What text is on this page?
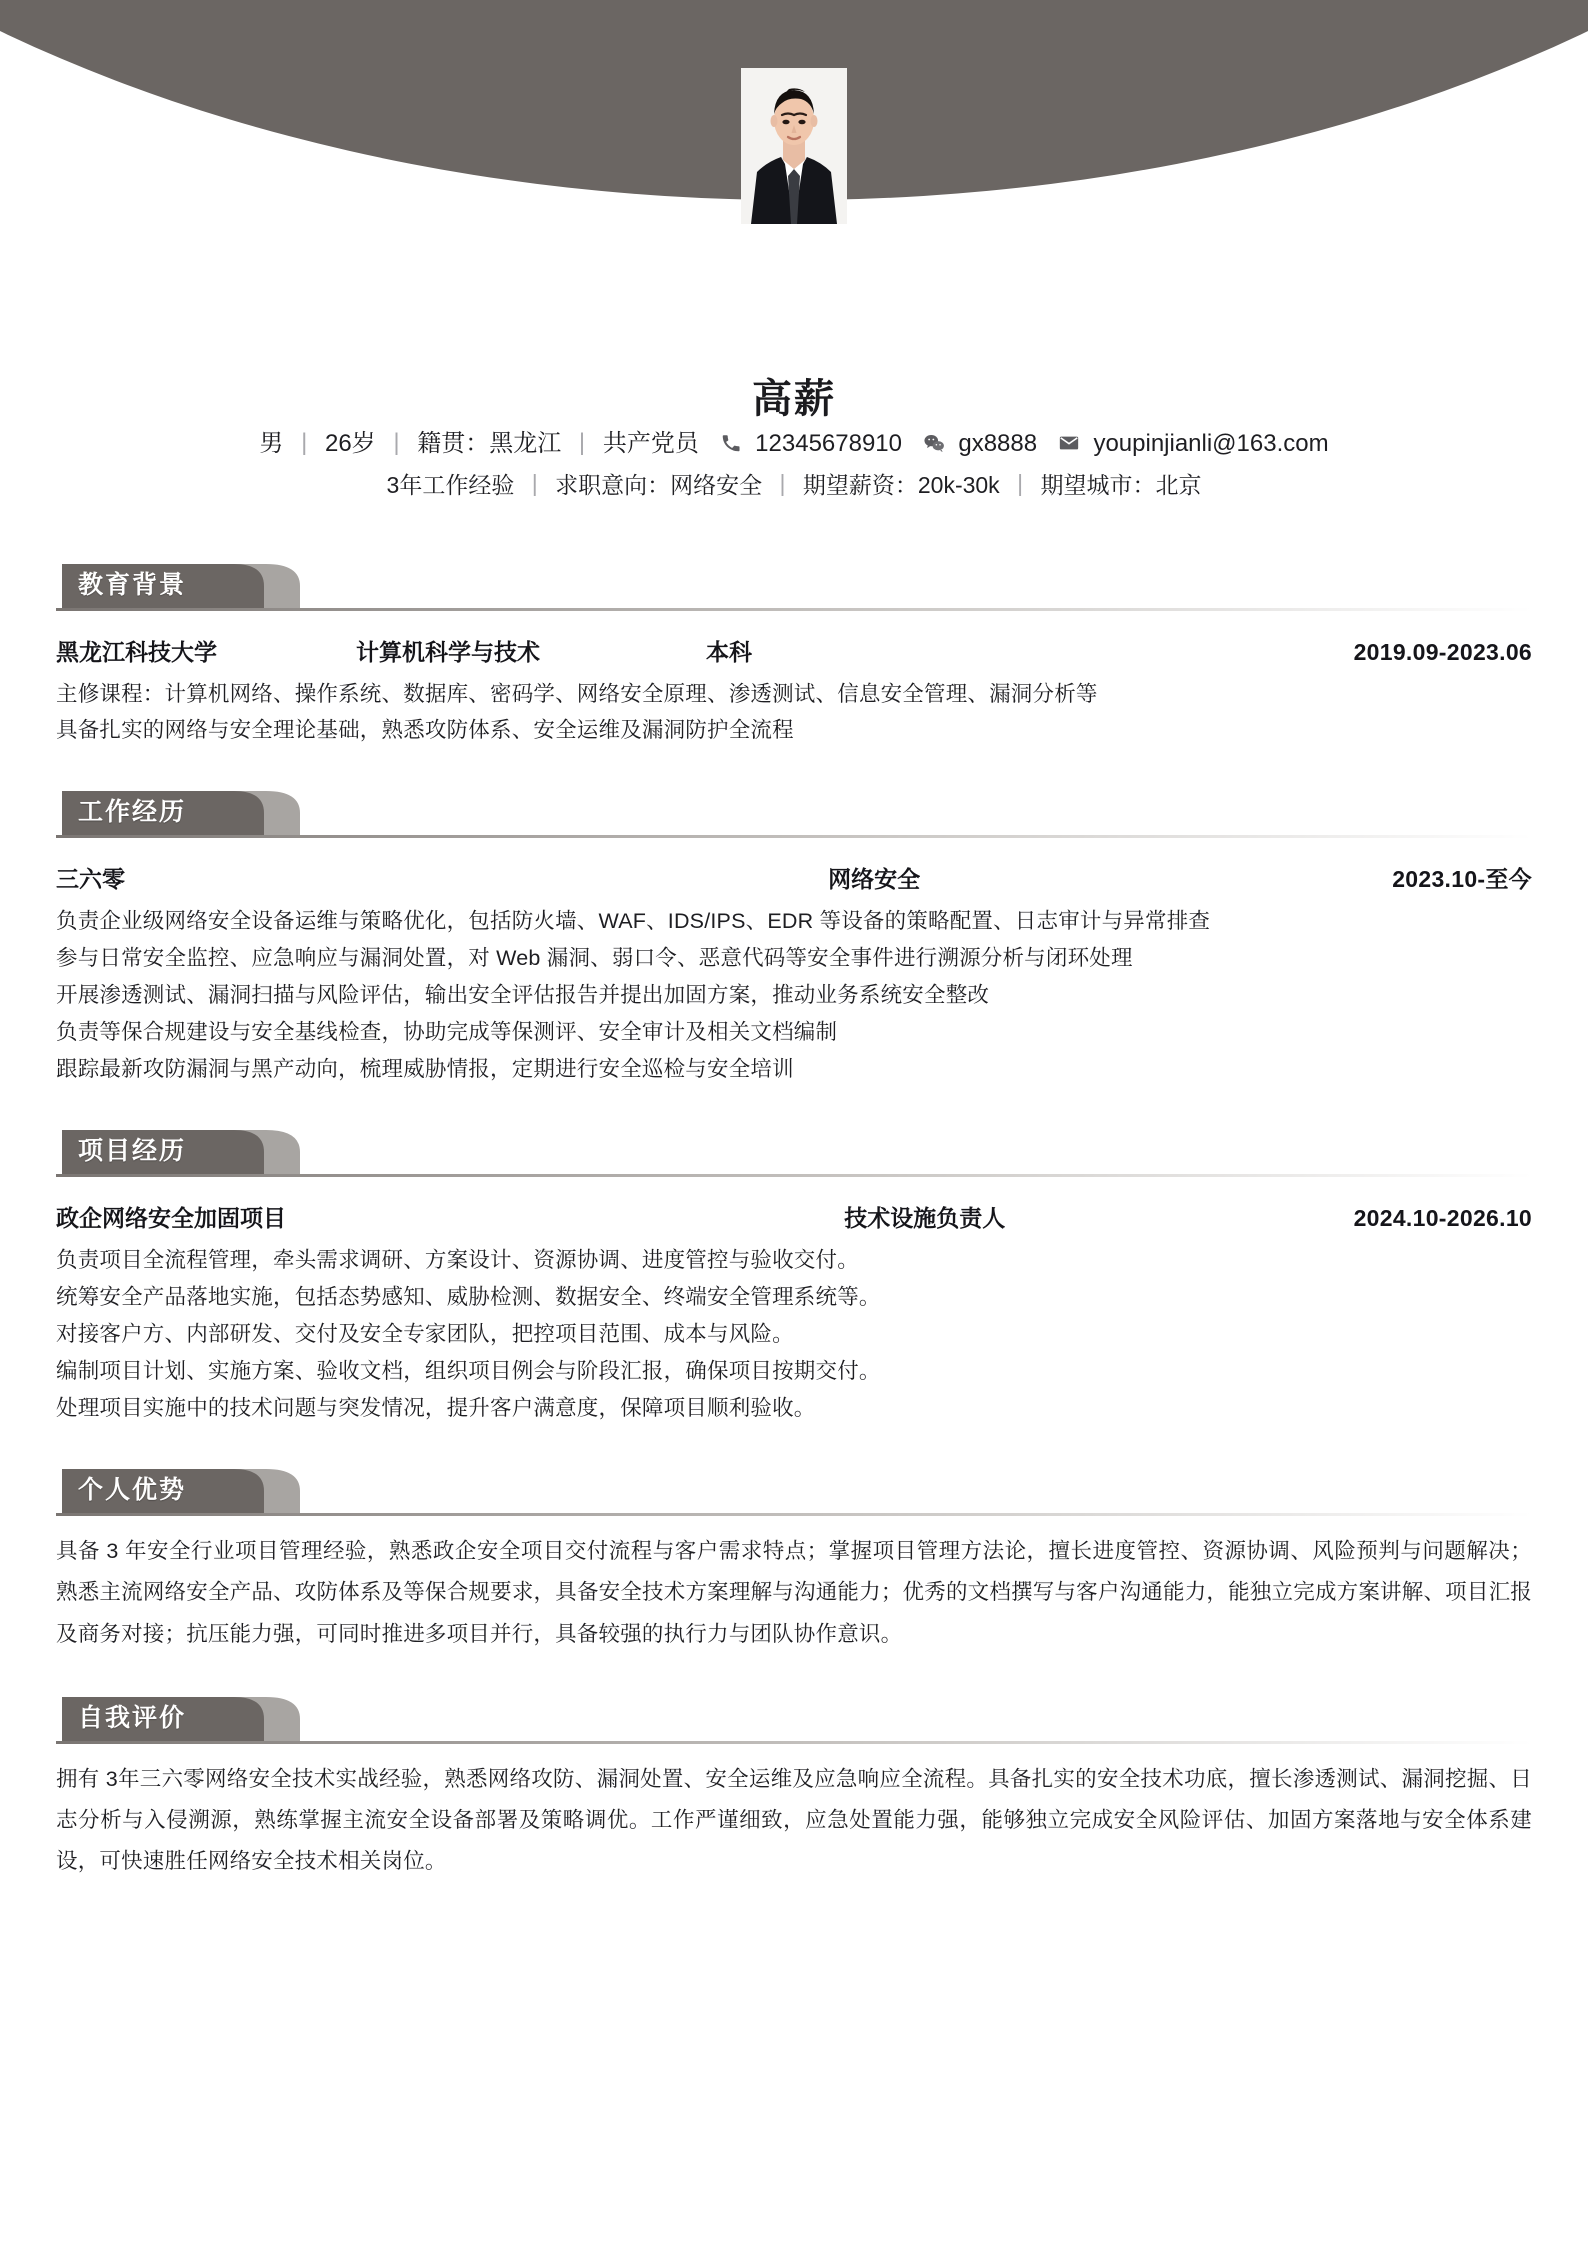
高薪
男 | 26岁 | 籍贯：黑龙江 | 共产党员 12345678910 gx8888 youpinjianli@163.com
3年工作经验 | 求职意向：网络安全 | 期望薪资：20k-30k | 期望城市：北京
教育背景
黑龙江科技大学	计算机科学与技术	本科	2019.09-2023.06
主修课程：计算机网络、操作系统、数据库、密码学、网络安全原理、渗透测试、信息安全管理、漏洞分析等
具备扎实的网络与安全理论基础，熟悉攻防体系、安全运维及漏洞防护全流程
工作经历
三六零	网络安全	2023.10-至今
负责企业级网络安全设备运维与策略优化，包括防火墙、WAF、IDS/IPS、EDR 等设备的策略配置、日志审计与异常排查
参与日常安全监控、应急响应与漏洞处置，对 Web 漏洞、弱口令、恶意代码等安全事件进行溯源分析与闭环处理
开展渗透测试、漏洞扫描与风险评估，输出安全评估报告并提出加固方案，推动业务系统安全整改
负责等保合规建设与安全基线检查，协助完成等保测评、安全审计及相关文档编制
跟踪最新攻防漏洞与黑产动向，梳理威胁情报，定期进行安全巡检与安全培训
项目经历
政企网络安全加固项目	技术设施负责人	2024.10-2026.10
负责项目全流程管理，牵头需求调研、方案设计、资源协调、进度管控与验收交付。
统筹安全产品落地实施，包括态势感知、威胁检测、数据安全、终端安全管理系统等。
对接客户方、内部研发、交付及安全专家团队，把控项目范围、成本与风险。
编制项目计划、实施方案、验收文档，组织项目例会与阶段汇报，确保项目按期交付。
处理项目实施中的技术问题与突发情况，提升客户满意度，保障项目顺利验收。
个人优势
具备 3 年安全行业项目管理经验，熟悉政企安全项目交付流程与客户需求特点；掌握项目管理方法论，擅长进度管控、资源协调、风险预判与问题解决；熟悉主流网络安全产品、攻防体系及等保合规要求，具备安全技术方案理解与沟通能力；优秀的文档撰写与客户沟通能力，能独立完成方案讲解、项目汇报及商务对接；抗压能力强，可同时推进多项目并行，具备较强的执行力与团队协作意识。
自我评价
拥有 3年三六零网络安全技术实战经验，熟悉网络攻防、漏洞处置、安全运维及应急响应全流程。具备扎实的安全技术功底，擅长渗透测试、漏洞挖掘、日志分析与入侵溯源，熟练掌握主流安全设备部署及策略调优。工作严谨细致，应急处置能力强，能够独立完成安全风险评估、加固方案落地与安全体系建设，可快速胜任网络安全技术相关岗位。
